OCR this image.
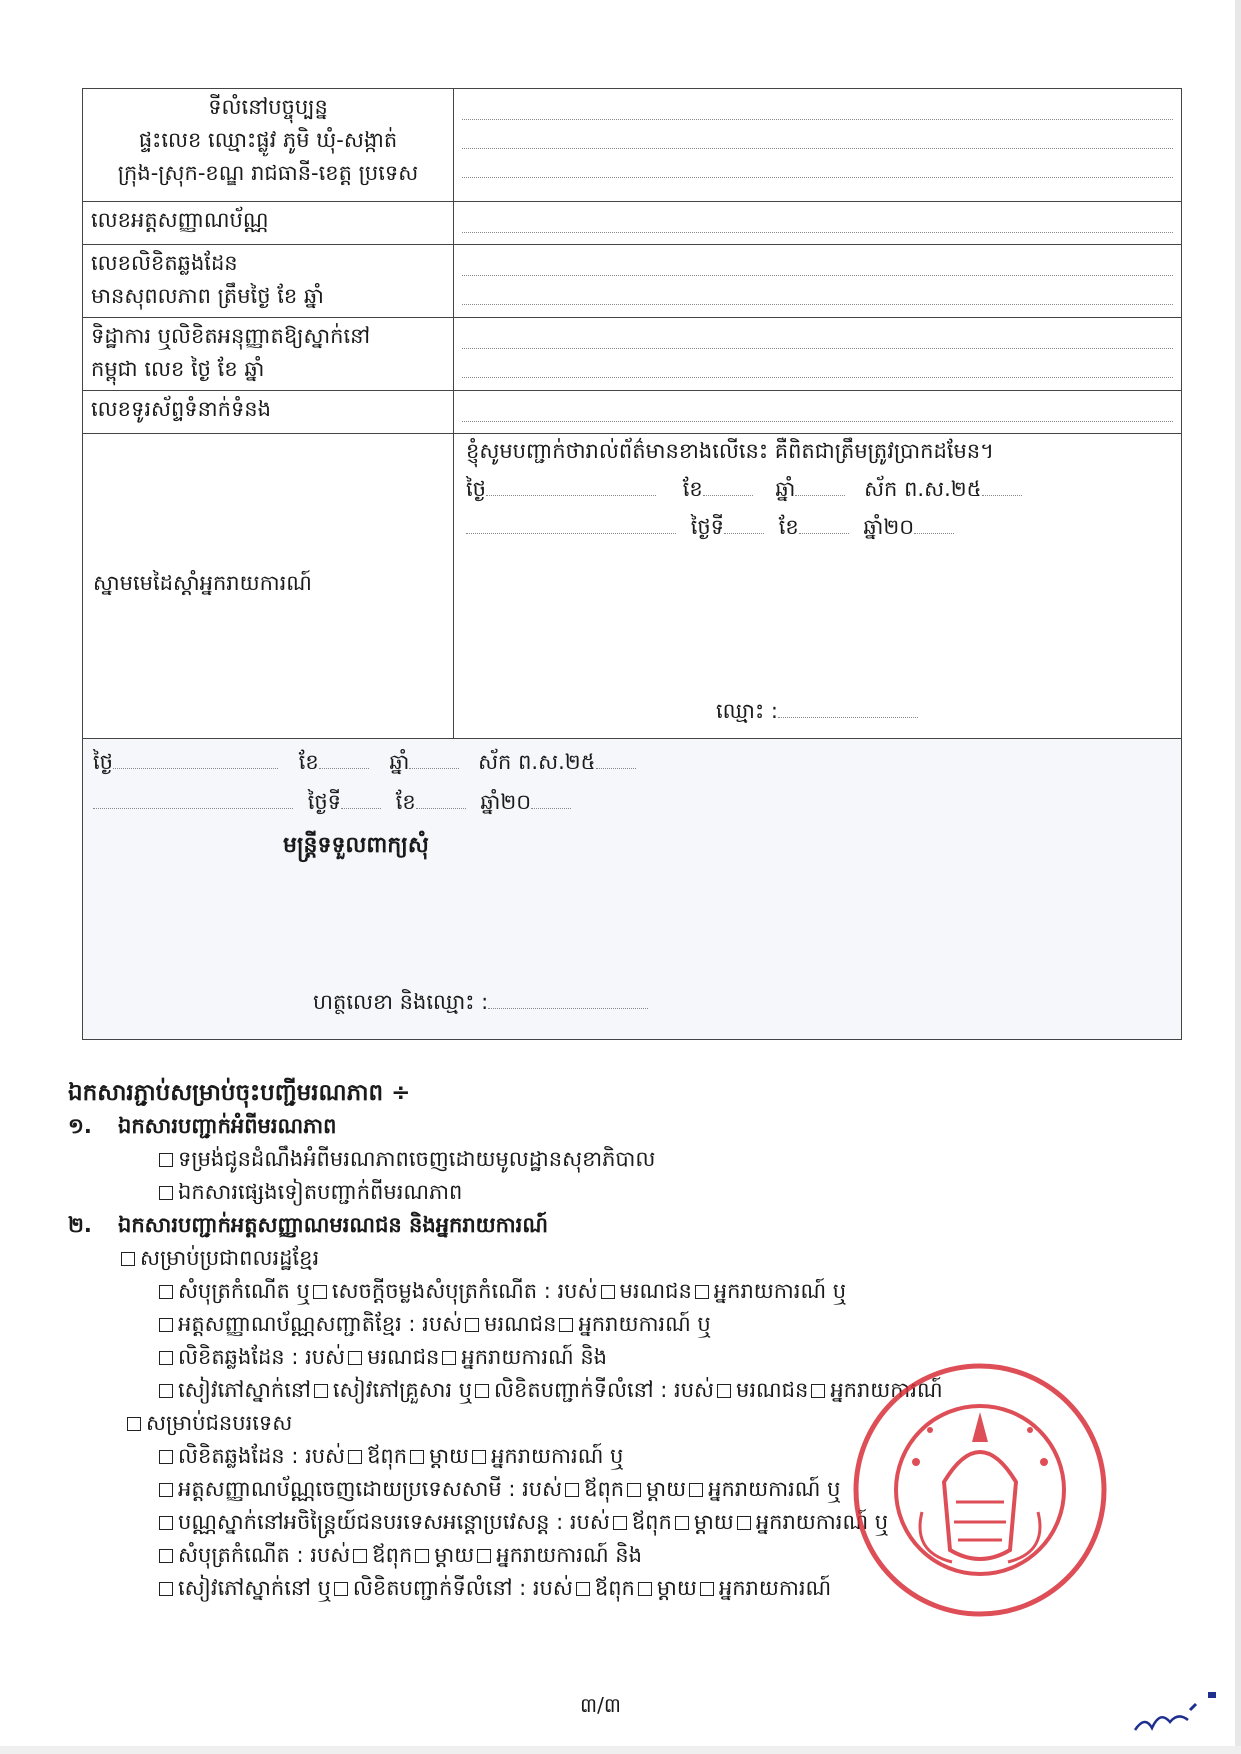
ទីលំនៅបច្ចុប្បន្ន
ផ្ទះលេខ ឈ្មោះផ្លូវ ភូមិ ឃុំ-សង្កាត់
ក្រុង-ស្រុក-ខណ្ឌ រាជធានី-ខេត្ត ប្រទេស	

លេខអត្តសញ្ញាណប័ណ្ណ	

លេខលិខិតឆ្លងដែន
មានសុពលភាព ត្រឹមថ្ងៃ ខែ ឆ្នាំ	

ទិដ្ឋាការ ឬលិខិតអនុញ្ញាតឱ្យស្នាក់នៅ
កម្ពុជា លេខ ថ្ងៃ ខែ ឆ្នាំ	

លេខទូរស័ព្ទទំនាក់ទំនង	

ស្នាមមេដៃស្តាំអ្នករាយការណ៍	ខ្ញុំសូមបញ្ជាក់ថារាល់ព័ត៌មានខាងលើនេះ គឺពិតជាត្រឹមត្រូវប្រាកដមែន។
ថ្ងៃ ខែ ឆ្នាំ ស័ក ព.ស.២៥
ថ្ងៃទី ខែ ឆ្នាំ២០
ឈ្មោះ :

ថ្ងៃ ខែ ឆ្នាំ ស័ក ព.ស.២៥
ថ្ងៃទី ខែ ឆ្នាំ២០
មន្ត្រីទទួលពាក្យសុំ
ហត្ថលេខា និងឈ្មោះ :	
ឯកសារភ្ជាប់សម្រាប់ចុះបញ្ជីមរណភាព ÷
១. ឯកសារបញ្ជាក់អំពីមរណភាព
ទម្រង់ជូនដំណឹងអំពីមរណភាពចេញដោយមូលដ្ឋានសុខាភិបាល
ឯកសារផ្សេងទៀតបញ្ជាក់ពីមរណភាព
២. ឯកសារបញ្ជាក់អត្តសញ្ញាណមរណជន និងអ្នករាយការណ៍
សម្រាប់ប្រជាពលរដ្ឋខ្មែរ
សំបុត្រកំណើត ឬ សេចក្តីចម្លងសំបុត្រកំណើត : របស់ មរណជន អ្នករាយការណ៍ ឬ
អត្តសញ្ញាណប័ណ្ណសញ្ជាតិខ្មែរ : របស់ មរណជន អ្នករាយការណ៍ ឬ
លិខិតឆ្លងដែន : របស់ មរណជន អ្នករាយការណ៍ និង
សៀវភៅស្នាក់នៅ សៀវភៅគ្រួសារ ឬ លិខិតបញ្ជាក់ទីលំនៅ : របស់ មរណជន អ្នករាយការណ៍
សម្រាប់ជនបរទេស
លិខិតឆ្លងដែន : របស់ ឪពុក ម្តាយ អ្នករាយការណ៍ ឬ
អត្តសញ្ញាណប័ណ្ណចេញដោយប្រទេសសាមី : របស់ ឪពុក ម្តាយ អ្នករាយការណ៍ ឬ
បណ្ណស្នាក់នៅអចិន្ត្រៃយ៍ជនបរទេសអន្តោប្រវេសន្ត : របស់ ឪពុក ម្តាយ អ្នករាយការណ៍ ឬ
សំបុត្រកំណើត : របស់ ឪពុក ម្តាយ អ្នករាយការណ៍ និង
សៀវភៅស្នាក់នៅ ឬ លិខិតបញ្ជាក់ទីលំនៅ : របស់ ឪពុក ម្តាយ អ្នករាយការណ៍
៣/៣
